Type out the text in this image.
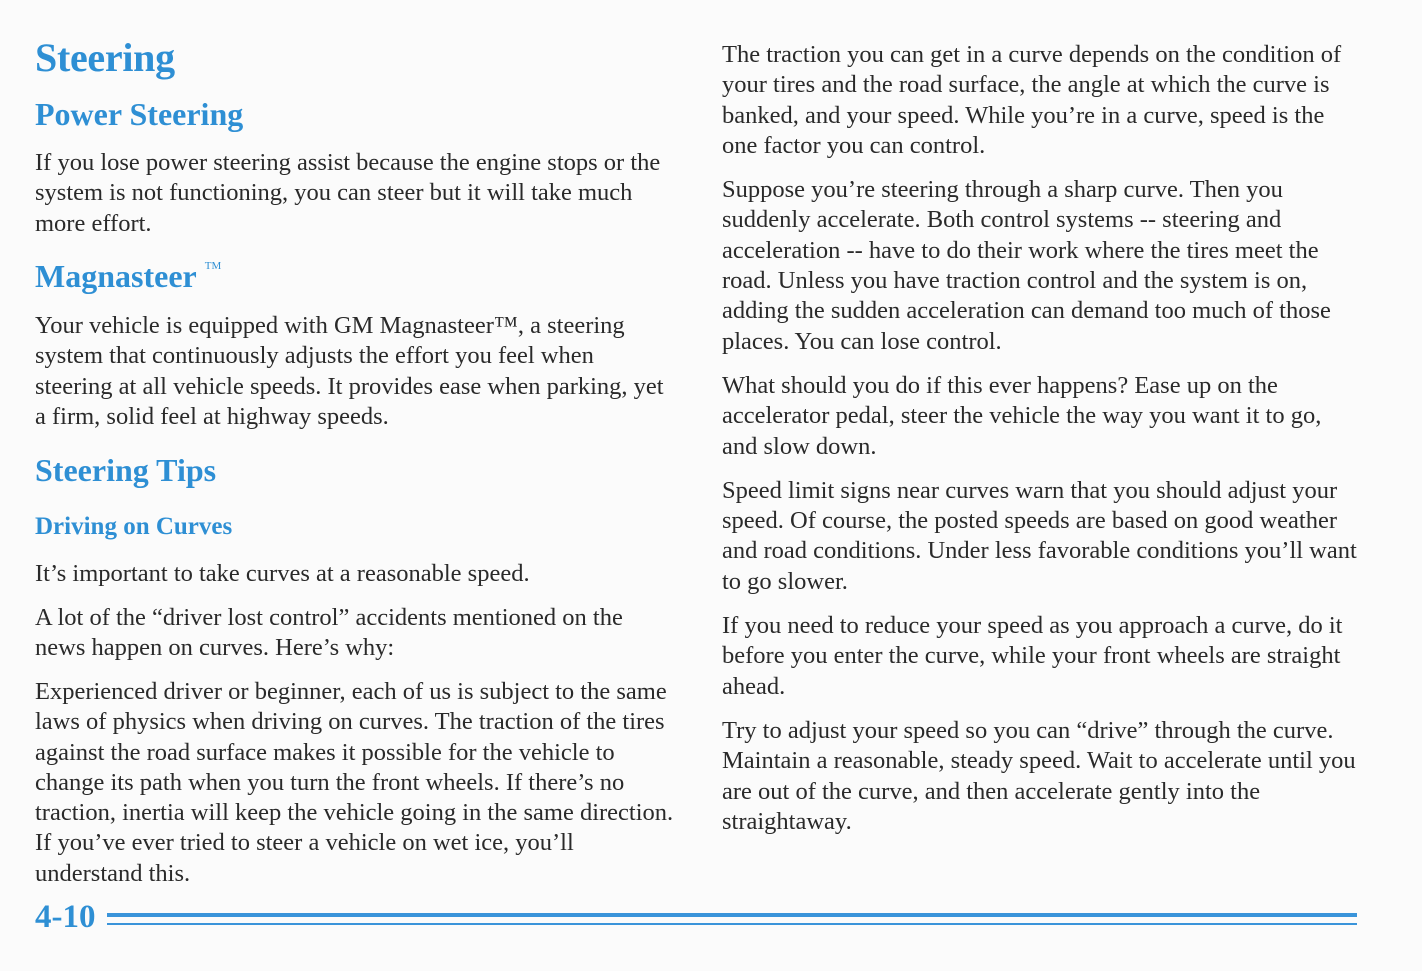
Steering
Power Steering

If you lose power steering assist because the engine stops or the system is not functioning, you can steer but it will take much more effort.

Magnasteer ™

Your vehicle is equipped with GM Magnasteer™, a steering system that continuously adjusts the effort you feel when steering at all vehicle speeds. It provides ease when parking, yet a firm, solid feel at highway speeds.

Steering Tips
Driving on Curves

It’s important to take curves at a reasonable speed.

A lot of the “driver lost control” accidents mentioned on the news happen on curves. Here’s why:

Experienced driver or beginner, each of us is subject to the same laws of physics when driving on curves. The traction of the tires against the road surface makes it possible for the vehicle to change its path when you turn the front wheels. If there’s no traction, inertia will keep the vehicle going in the same direction. If you’ve ever tried to steer a vehicle on wet ice, you’ll understand this.

The traction you can get in a curve depends on the condition of your tires and the road surface, the angle at which the curve is banked, and your speed. While you’re in a curve, speed is the one factor you can control.

Suppose you’re steering through a sharp curve. Then you suddenly accelerate. Both control systems -- steering and acceleration -- have to do their work where the tires meet the road. Unless you have traction control and the system is on, adding the sudden acceleration can demand too much of those places. You can lose control.

What should you do if this ever happens? Ease up on the accelerator pedal, steer the vehicle the way you want it to go, and slow down.

Speed limit signs near curves warn that you should adjust your speed. Of course, the posted speeds are based on good weather and road conditions. Under less favorable conditions you’ll want to go slower.

If you need to reduce your speed as you approach a curve, do it before you enter the curve, while your front wheels are straight ahead.

Try to adjust your speed so you can “drive” through the curve. Maintain a reasonable, steady speed. Wait to accelerate until you are out of the curve, and then accelerate gently into the straightaway.

4-10
